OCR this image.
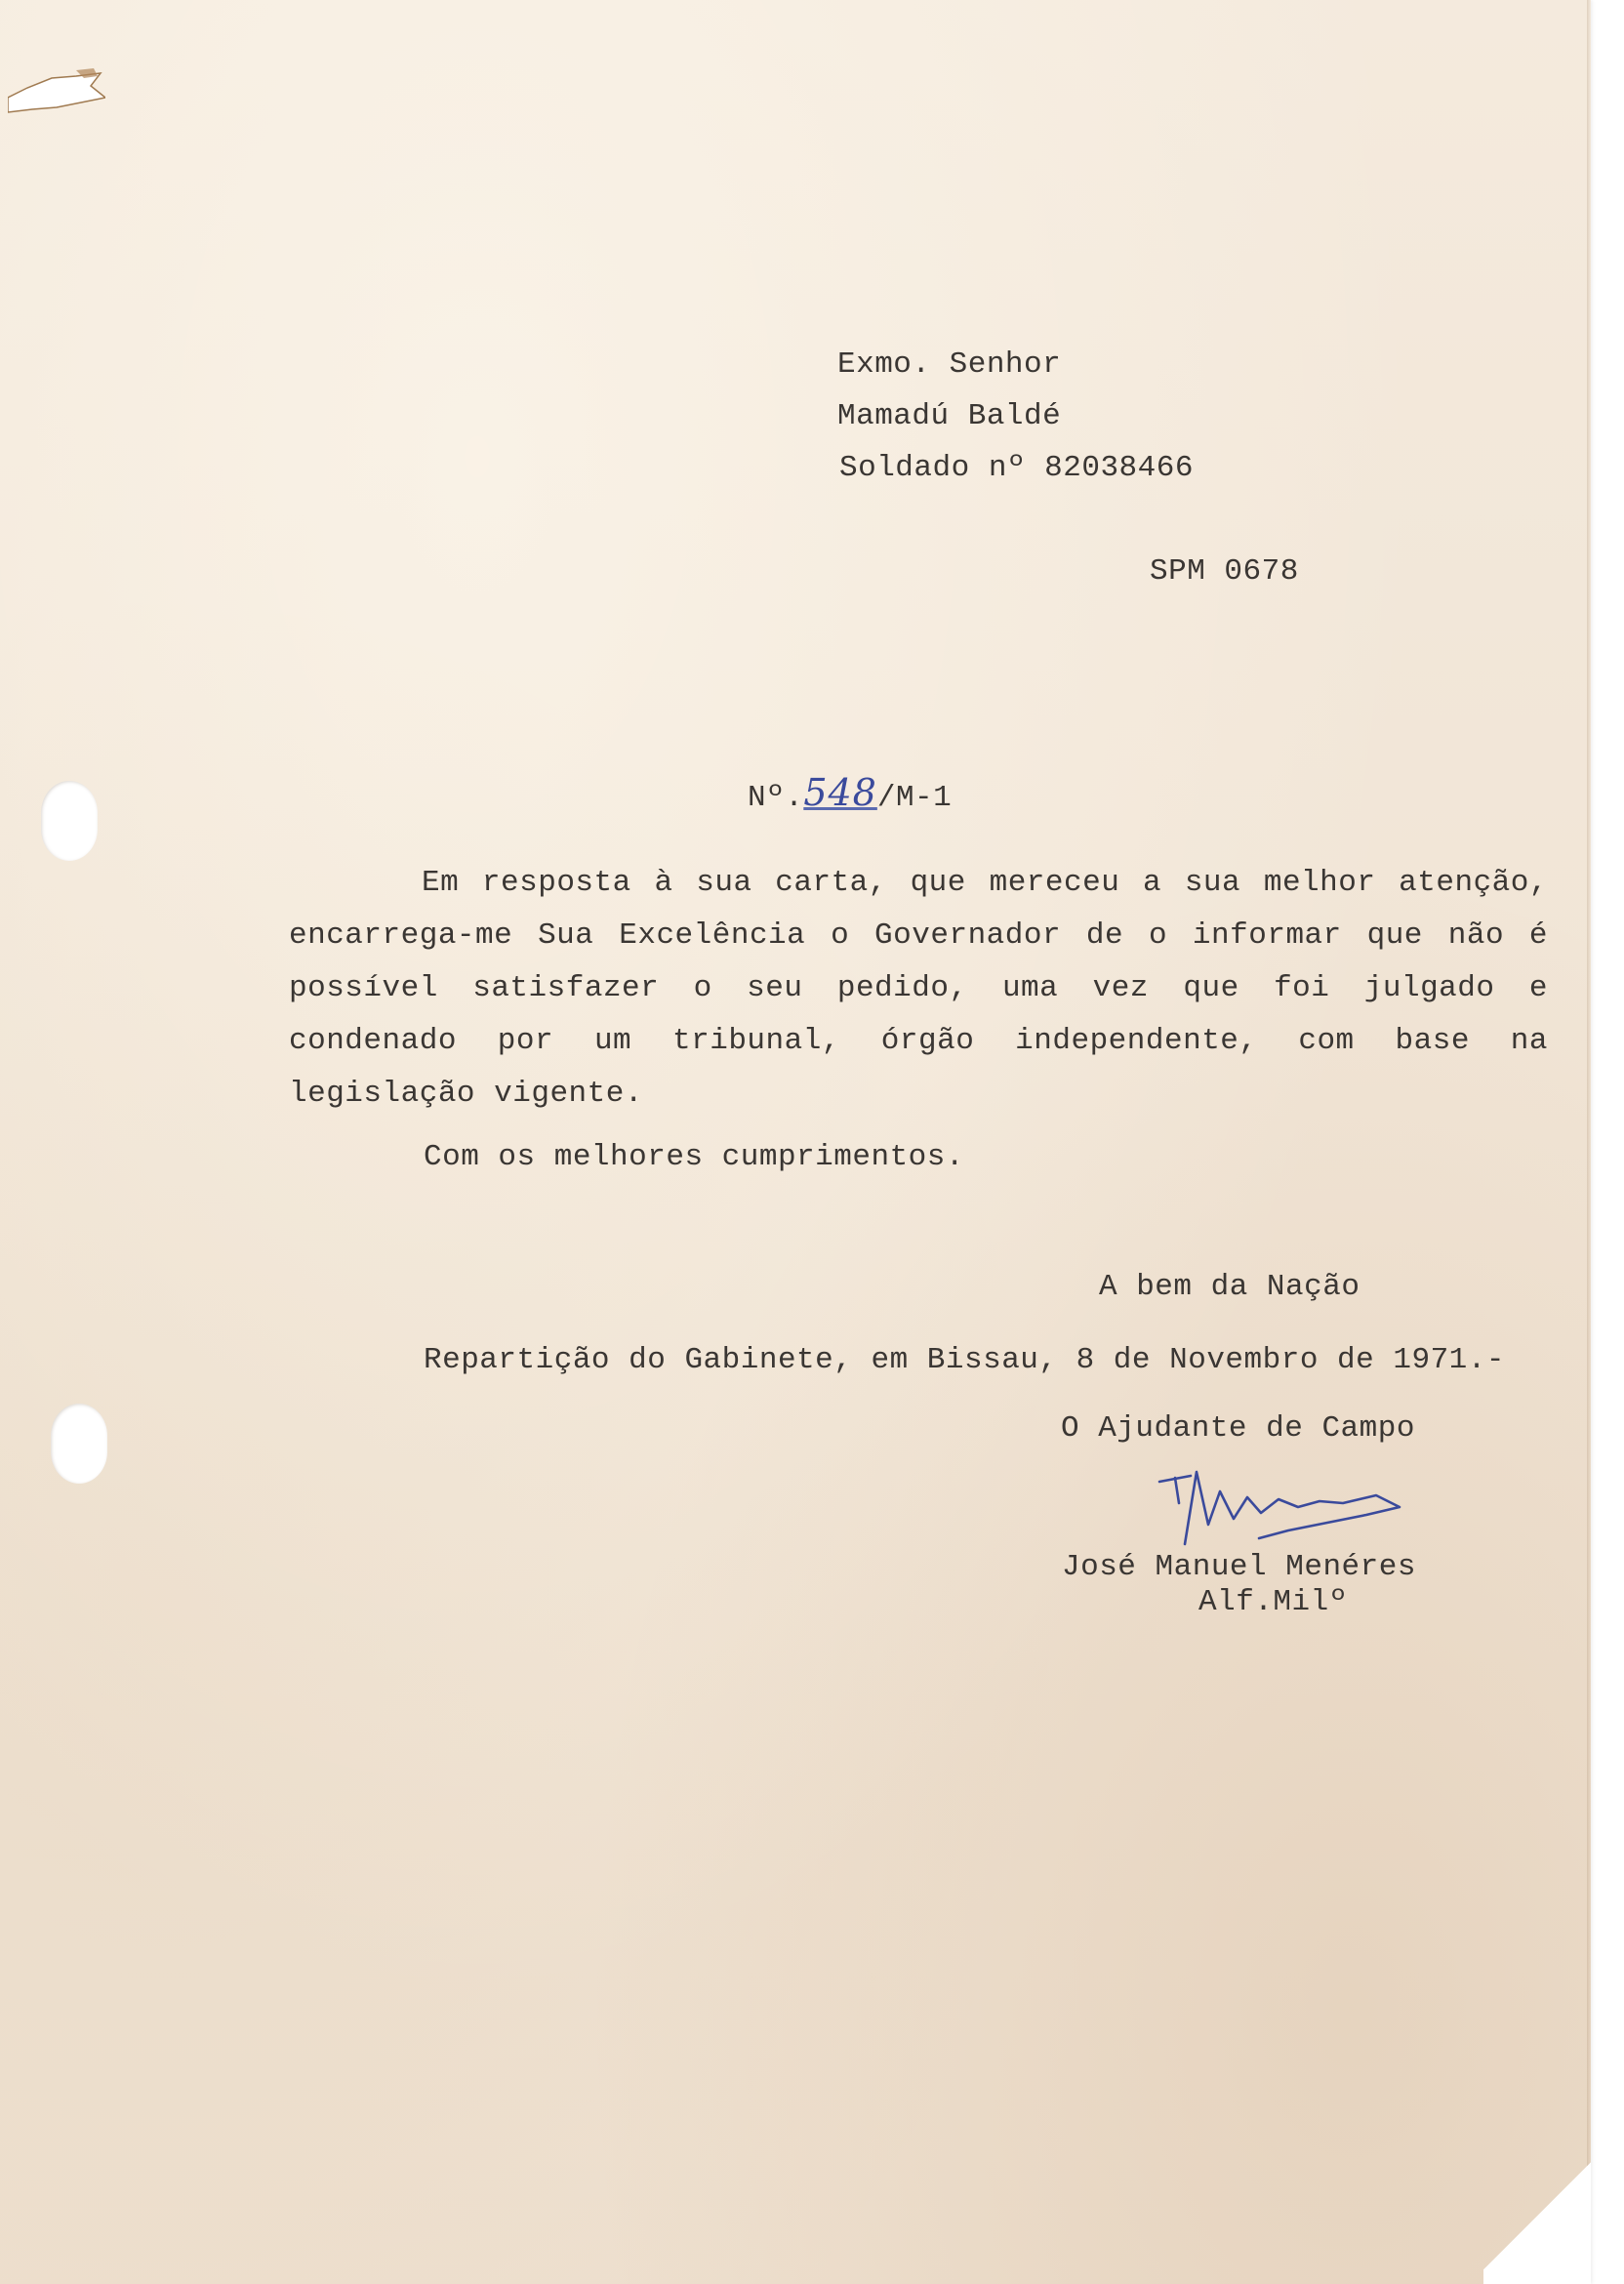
Exmo. Senhor

Mamadú Baldé

Soldado nº 82038466

SPM 0678

Nº.548/M-1

Em resposta à sua carta, que mereceu a sua melhor atenção, encarrega-me Sua Excelência o Governador de o informar que não é possível satisfazer o seu pedido, uma vez que foi julgado e condenado por um tribunal, órgão independente, com base na legislação vigente.

Com os melhores cumprimentos.

A bem da Nação

Repartição do Gabinete, em Bissau, 8 de Novembro de 1971.-

O Ajudante de Campo

José Manuel Menéres

Alf.Milº
